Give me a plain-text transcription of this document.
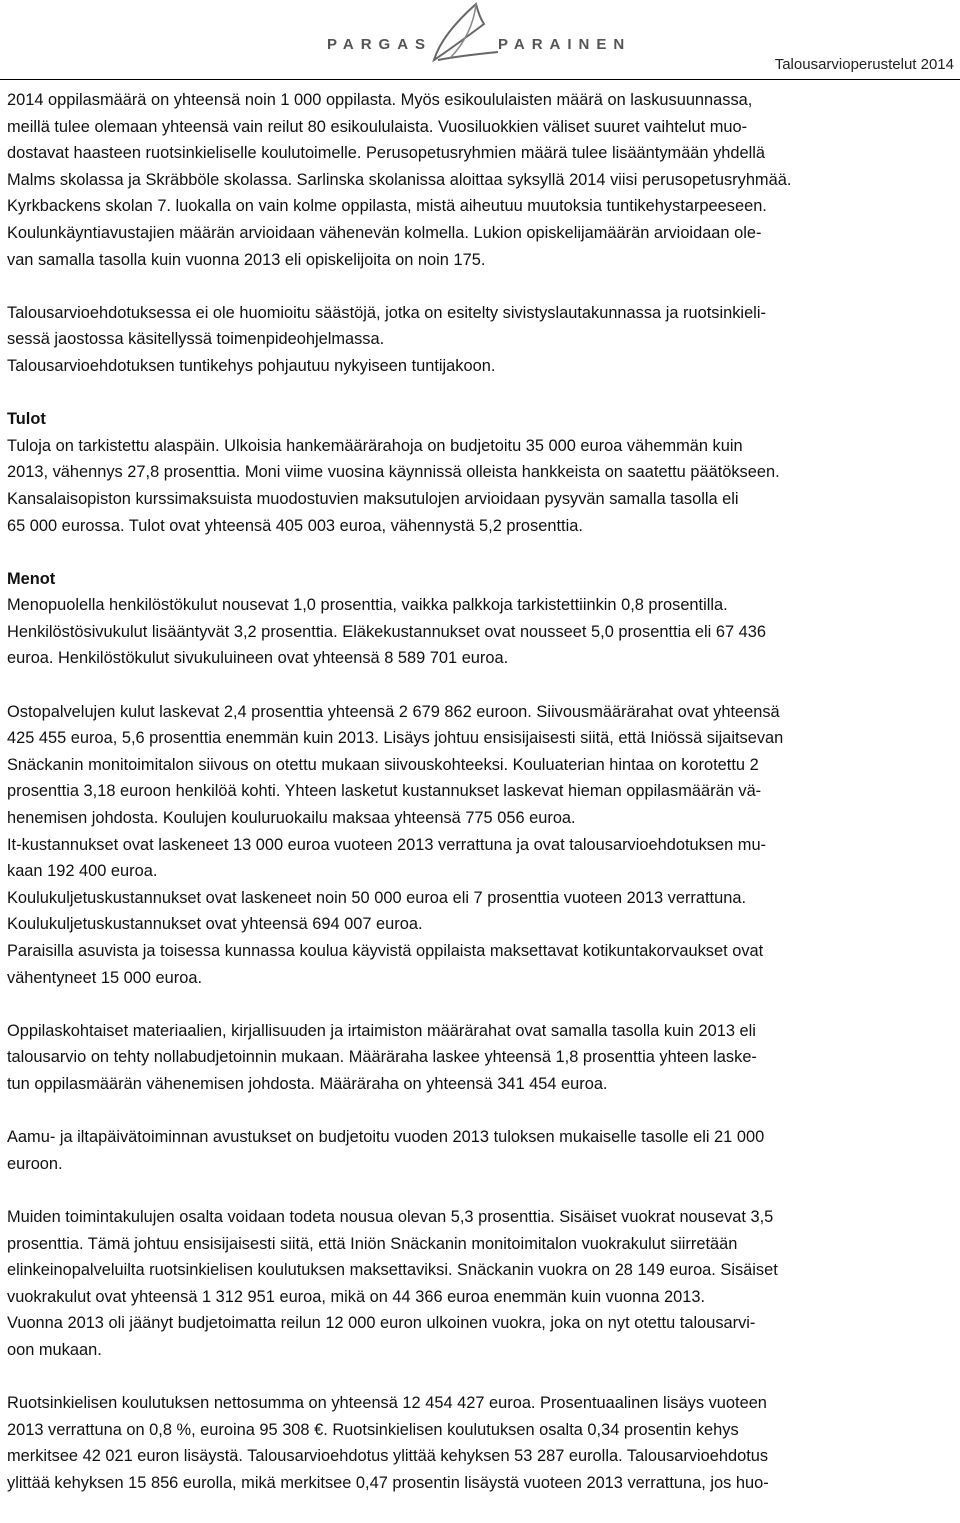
PARGAS	PARAINEN
Talousarvioperustelut 2014
2014 oppilasmäärä on yhteensä noin 1 000 oppilasta. Myös esikoululaisten määrä on laskusuunnassa,
meillä tulee olemaan yhteensä vain reilut 80 esikoululaista. Vuosiluokkien väliset suuret vaihtelut muo-
dostavat haasteen ruotsinkieliselle koulutoimelle. Perusopetusryhmien määrä tulee lisääntymään yhdellä
Malms skolassa ja Skräbböle skolassa. Sarlinska skolanissa aloittaa syksyllä 2014 viisi perusopetusryhmää.
Kyrkbackens skolan 7. luokalla on vain kolme oppilasta, mistä aiheutuu muutoksia tuntikehystarpeeseen.
Koulunkäyntiavustajien määrän arvioidaan vähenevän kolmella. Lukion opiskelijamäärän arvioidaan ole-
van samalla tasolla kuin vuonna 2013 eli opiskelijoita on noin 175.
Talousarvioehdotuksessa ei ole huomioitu säästöjä, jotka on esitelty sivistyslautakunnassa ja ruotsinkieli-
sessä jaostossa käsitellyssä toimenpideohjelmassa.
Talousarvioehdotuksen tuntikehys pohjautuu nykyiseen tuntijakoon.
Tulot
Tuloja on tarkistettu alaspäin. Ulkoisia hankemäärärahoja on budjetoitu 35 000 euroa vähemmän kuin
2013, vähennys 27,8 prosenttia. Moni viime vuosina käynnissä olleista hankkeista on saatettu päätökseen.
Kansalaisopiston kurssimaksuista muodostuvien maksutulojen arvioidaan pysyvän samalla tasolla eli
65 000 eurossa. Tulot ovat yhteensä 405 003 euroa, vähennystä 5,2 prosenttia.
Menot
Menopuolella henkilöstökulut nousevat 1,0 prosenttia, vaikka palkkoja tarkistettiinkin 0,8 prosentilla.
Henkilöstösivukulut lisääntyvät 3,2 prosenttia. Eläkekustannukset ovat nousseet 5,0 prosenttia eli 67 436
euroa. Henkilöstökulut sivukuluineen ovat yhteensä 8 589 701 euroa.
Ostopalvelujen kulut laskevat 2,4 prosenttia yhteensä 2 679 862 euroon. Siivousmäärärahat ovat yhteensä
425 455 euroa, 5,6 prosenttia enemmän kuin 2013. Lisäys johtuu ensisijaisesti siitä, että Iniössä sijaitsevan
Snäckanin monitoimitalon siivous on otettu mukaan siivouskohteeksi. Kouluaterian hintaa on korotettu 2
prosenttia 3,18 euroon henkilöä kohti. Yhteen lasketut kustannukset laskevat hieman oppilasmäärän vä-
henemisen johdosta. Koulujen kouluruokailu maksaa yhteensä 775 056 euroa.
It-kustannukset ovat laskeneet 13 000 euroa vuoteen 2013 verrattuna ja ovat talousarvioehdotuksen mu-
kaan 192 400 euroa.
Koulukuljetuskustannukset ovat laskeneet noin 50 000 euroa eli 7 prosenttia vuoteen 2013 verrattuna.
Koulukuljetuskustannukset ovat yhteensä 694 007 euroa.
Paraisilla asuvista ja toisessa kunnassa koulua käyvistä oppilaista maksettavat kotikuntakorvaukset ovat
vähentyneet 15 000 euroa.
Oppilaskohtaiset materiaalien, kirjallisuuden ja irtaimiston määrärahat ovat samalla tasolla kuin 2013 eli
talousarvio on tehty nollabudjetoinnin mukaan. Määräraha laskee yhteensä 1,8 prosenttia yhteen laske-
tun oppilasmäärän vähenemisen johdosta. Määräraha on yhteensä 341 454 euroa.
Aamu- ja iltapäivätoiminnan avustukset on budjetoitu vuoden 2013 tuloksen mukaiselle tasolle eli 21 000
euroon.
Muiden toimintakulujen osalta voidaan todeta nousua olevan 5,3 prosenttia. Sisäiset vuokrat nousevat 3,5
prosenttia. Tämä johtuu ensisijaisesti siitä, että Iniön Snäckanin monitoimitalon vuokrakulut siirretään
elinkeinopalveluilta ruotsinkielisen koulutuksen maksettaviksi. Snäckanin vuokra on 28 149 euroa. Sisäiset
vuokrakulut ovat yhteensä 1 312 951 euroa, mikä on 44 366 euroa enemmän kuin vuonna 2013.
Vuonna 2013 oli jäänyt budjetoimatta reilun 12 000 euron ulkoinen vuokra, joka on nyt otettu talousarvi-
oon mukaan.
Ruotsinkielisen koulutuksen nettosumma on yhteensä 12 454 427 euroa. Prosentuaalinen lisäys vuoteen
2013 verrattuna on 0,8 %, euroina 95 308 €. Ruotsinkielisen koulutuksen osalta 0,34 prosentin kehys
merkitsee 42 021 euron lisäystä. Talousarvioehdotus ylittää kehyksen 53 287 eurolla. Talousarvioehdotus
ylittää kehyksen 15 856 eurolla, mikä merkitsee 0,47 prosentin lisäystä vuoteen 2013 verrattuna, jos huo-
